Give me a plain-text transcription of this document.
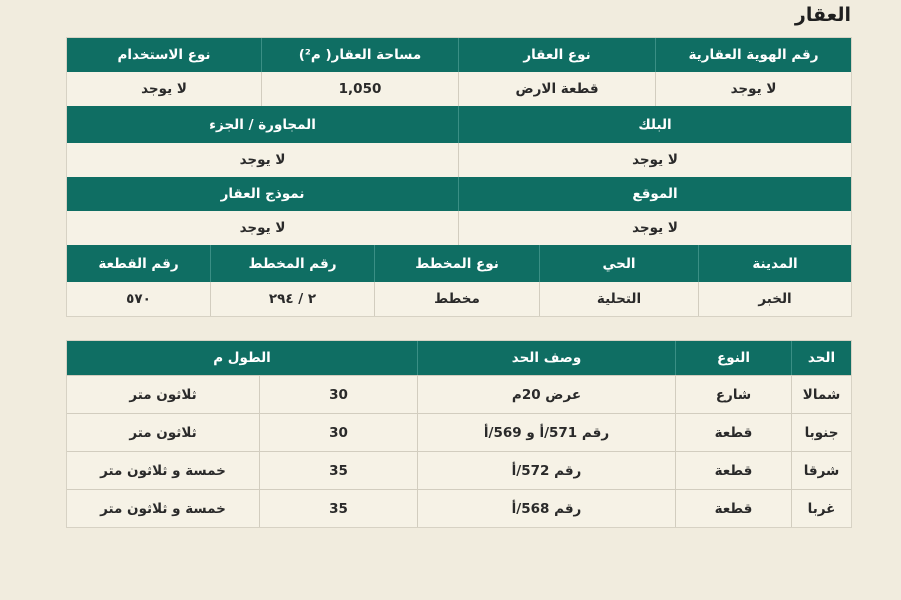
العقار
رقم الهوية العقارية
نوع العقار
مساحة العقار( م²)
نوع الاستخدام
لا يوجد
قطعة الارض
1,050
لا يوجد
البلك
المجاورة / الجزء
لا يوجد
لا يوجد
الموقع
نموذج العقار
لا يوجد
لا يوجد
المدينة
الحي
نوع المخطط
رقم المخطط
رقم القطعة
الخبر
التحلية
مخطط
٢ / ٢٩٤
٥٧٠
الحد
النوع
وصف الحد
الطول م
شمالا
شارع
عرض 20م
30
ثلاثون متر
جنوبا
قطعة
رقم 571/أ و 569/أ
30
ثلاثون متر
شرقا
قطعة
رقم 572/أ
35
خمسة و ثلاثون متر
غربا
قطعة
رقم 568/أ
35
خمسة و ثلاثون متر
